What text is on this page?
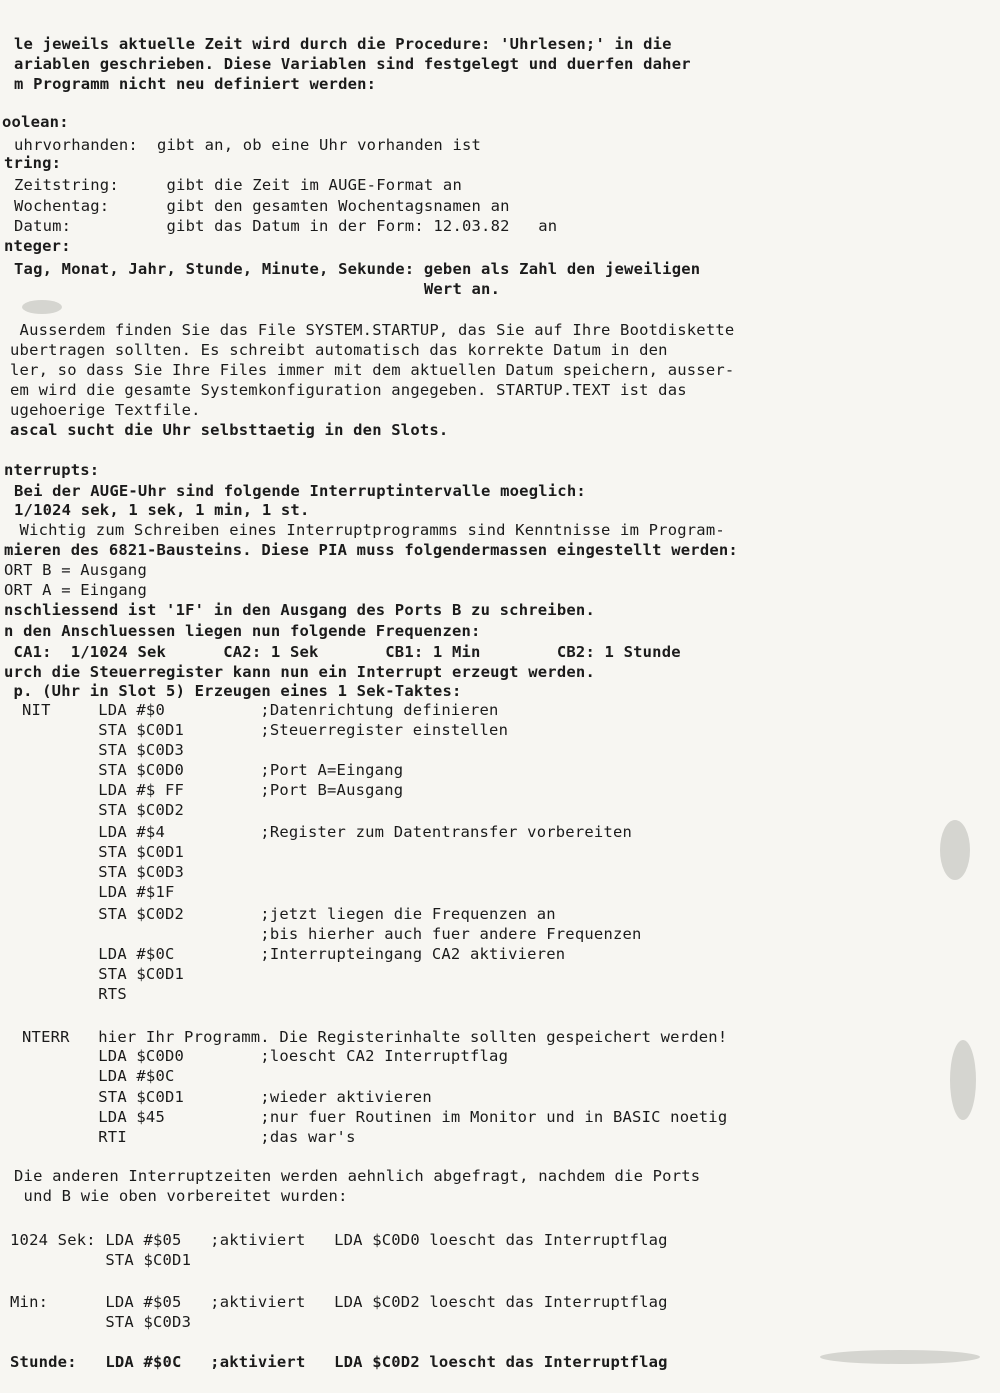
le jeweils aktuelle Zeit wird durch die Procedure: 'Uhrlesen;' in die
ariablen geschrieben. Diese Variablen sind festgelegt und duerfen daher
m Programm nicht neu definiert werden:
oolean:
uhrvorhanden:  gibt an, ob eine Uhr vorhanden ist
tring:
Zeitstring:     gibt die Zeit im AUGE-Format an
Wochentag:      gibt den gesamten Wochentagsnamen an
Datum:          gibt das Datum in der Form: 12.03.82   an
nteger:
Tag, Monat, Jahr, Stunde, Minute, Sekunde: geben als Zahl den jeweiligen
Wert an.
Ausserdem finden Sie das File SYSTEM.STARTUP, das Sie auf Ihre Bootdiskette
ubertragen sollten. Es schreibt automatisch das korrekte Datum in den
ler, so dass Sie Ihre Files immer mit dem aktuellen Datum speichern, ausser-
em wird die gesamte Systemkonfiguration angegeben. STARTUP.TEXT ist das
ugehoerige Textfile.
ascal sucht die Uhr selbsttaetig in den Slots.
nterrupts:
Bei der AUGE-Uhr sind folgende Interruptintervalle moeglich:
1/1024 sek, 1 sek, 1 min, 1 st.
Wichtig zum Schreiben eines Interruptprogramms sind Kenntnisse im Program-
mieren des 6821-Bausteins. Diese PIA muss folgendermassen eingestellt werden:
ORT B = Ausgang
ORT A = Eingang
nschliessend ist '1F' in den Ausgang des Ports B zu schreiben.
n den Anschluessen liegen nun folgende Frequenzen:
CA1:  1/1024 Sek      CA2: 1 Sek       CB1: 1 Min        CB2: 1 Stunde
urch die Steuerregister kann nun ein Interrupt erzeugt werden.
p. (Uhr in Slot 5) Erzeugen eines 1 Sek-Taktes:
NIT     LDA #$0          ;Datenrichtung definieren
STA $C0D1        ;Steuerregister einstellen
STA $C0D3
STA $C0D0        ;Port A=Eingang
LDA #$ FF        ;Port B=Ausgang
STA $C0D2
LDA #$4          ;Register zum Datentransfer vorbereiten
STA $C0D1
STA $C0D3
LDA #$1F
STA $C0D2        ;jetzt liegen die Frequenzen an
;bis hierher auch fuer andere Frequenzen
LDA #$0C         ;Interrupteingang CA2 aktivieren
STA $C0D1
RTS
NTERR   hier Ihr Programm. Die Registerinhalte sollten gespeichert werden!
LDA $C0D0        ;loescht CA2 Interruptflag
LDA #$0C
STA $C0D1        ;wieder aktivieren
LDA $45          ;nur fuer Routinen im Monitor und in BASIC noetig
RTI              ;das war's
Die anderen Interruptzeiten werden aehnlich abgefragt, nachdem die Ports
und B wie oben vorbereitet wurden:
1024 Sek: LDA #$05   ;aktiviert   LDA $C0D0 loescht das Interruptflag
STA $C0D1
Min:      LDA #$05   ;aktiviert   LDA $C0D2 loescht das Interruptflag
STA $C0D3
Stunde:   LDA #$0C   ;aktiviert   LDA $C0D2 loescht das Interruptflag
